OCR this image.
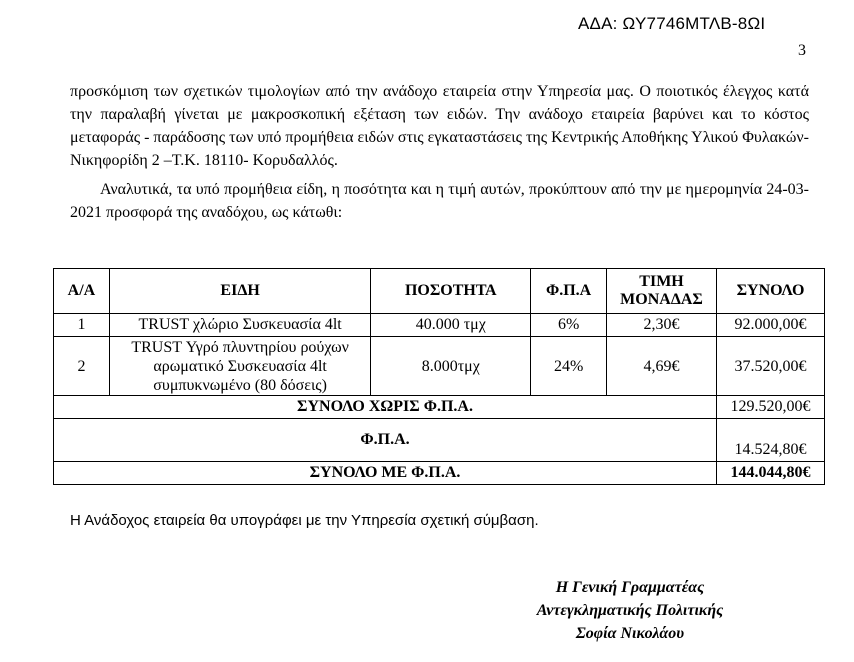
ΑΔΑ: ΩΥ7746ΜΤΛΒ-8ΩΙ
3
προσκόμιση των σχετικών τιμολογίων από την ανάδοχο εταιρεία στην Υπηρεσία μας. Ο ποιοτικός έλεγχος κατά την παραλαβή γίνεται με μακροσκοπική εξέταση των ειδών. Την ανάδοχο εταιρεία βαρύνει και το κόστος μεταφοράς - παράδοσης των υπό προμήθεια ειδών στις εγκαταστάσεις της Κεντρικής Αποθήκης Υλικού Φυλακών- Νικηφορίδη 2 –Τ.Κ. 18110- Κορυδαλλός.
Αναλυτικά, τα υπό προμήθεια είδη, η ποσότητα και η τιμή αυτών, προκύπτουν από την με ημερομηνία 24-03-2021 προσφορά της αναδόχου, ως κάτωθι:
Α/Α	ΕΙΔΗ	ΠΟΣΟΤΗΤΑ	Φ.Π.Α	ΤΙΜΗ ΜΟΝΑΔΑΣ	ΣΥΝΟΛΟ
1	TRUST χλώριο Συσκευασία 4lt	40.000 τμχ	6%	2,30€	92.000,00€
2	TRUST Υγρό πλυντηρίου ρούχων αρωματικό Συσκευασία 4lt συμπυκνωμένο (80 δόσεις)	8.000τμχ	24%	4,69€	37.520,00€
ΣΥΝΟΛΟ ΧΩΡΙΣ Φ.Π.Α.					129.520,00€
Φ.Π.Α.					14.524,80€
ΣΥΝΟΛΟ ΜΕ Φ.Π.Α.					144.044,80€
Η Ανάδοχος εταιρεία θα υπογράφει με την Υπηρεσία σχετική σύμβαση.
Η Γενική Γραμματέας
Αντεγκληματικής Πολιτικής
Σοφία Νικολάου
